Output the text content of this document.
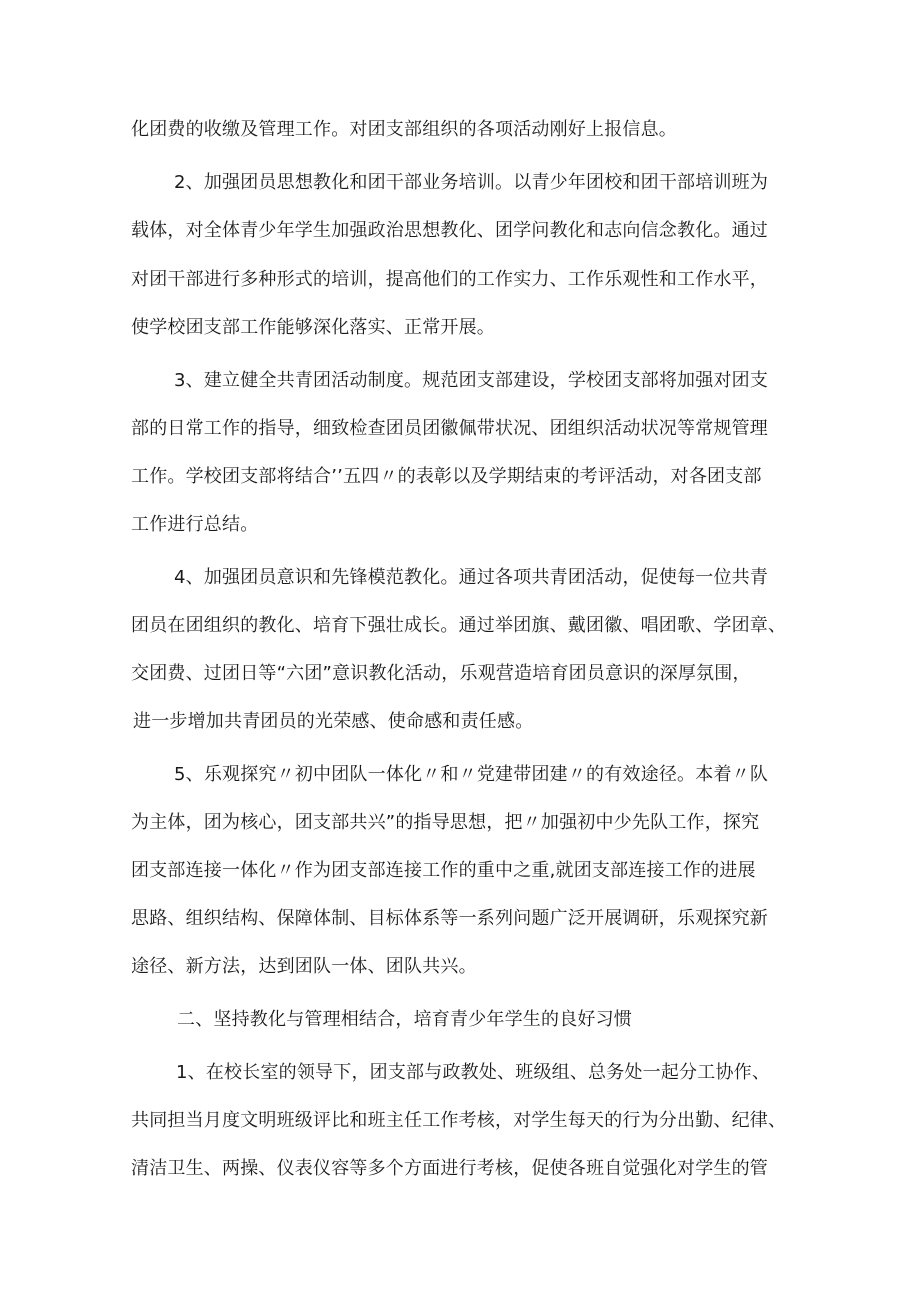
化团费的收缴及管理工作。对团支部组织的各项活动刚好上报信息。
2、加强团员思想教化和团干部业务培训。以青少年团校和团干部培训班为
载体，对全体青少年学生加强政治思想教化、团学问教化和志向信念教化。通过
对团干部进行多种形式的培训，提高他们的工作实力、工作乐观性和工作水平，
使学校团支部工作能够深化落实、正常开展。
3、建立健全共青团活动制度。规范团支部建设，学校团支部将加强对团支
部的日常工作的指导，细致检查团员团徽佩带状况、团组织活动状况等常规管理
工作。学校团支部将结合’’五四〃的表彰以及学期结束的考评活动，对各团支部
工作进行总结。
4、加强团员意识和先锋模范教化。通过各项共青团活动，促使每一位共青
团员在团组织的教化、培育下强壮成长。通过举团旗、戴团徽、唱团歌、学团章、
交团费、过团日等“六团”意识教化活动，乐观营造培育团员意识的深厚氛围，
进一步增加共青团员的光荣感、使命感和责任感。
5、乐观探究〃初中团队一体化〃和〃党建带团建〃的有效途径。本着〃队
为主体，团为核心，团支部共兴”的指导思想，把〃加强初中少先队工作，探究
团支部连接一体化〃作为团支部连接工作的重中之重,就团支部连接工作的进展
思路、组织结构、保障体制、目标体系等一系列问题广泛开展调研，乐观探究新
途径、新方法，达到团队一体、团队共兴。
二、坚持教化与管理相结合，培育青少年学生的良好习惯
1、在校长室的领导下，团支部与政教处、班级组、总务处一起分工协作、
共同担当月度文明班级评比和班主任工作考核，对学生每天的行为分出勤、纪律、
清洁卫生、两操、仪表仪容等多个方面进行考核，促使各班自觉强化对学生的管
